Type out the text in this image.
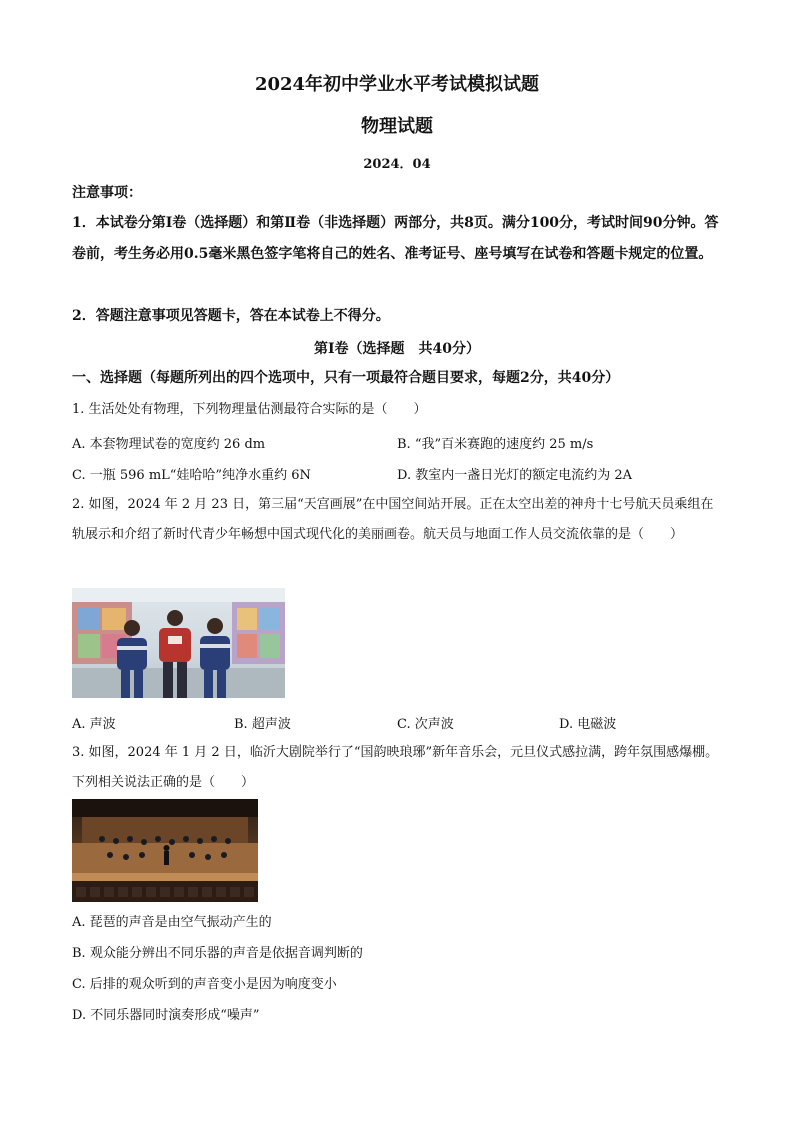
2024年初中学业水平考试模拟试题
物理试题
2024．04
注意事项：
1．本试卷分第Ⅰ卷（选择题）和第Ⅱ卷（非选择题）两部分，共8页。满分100分，考试时间90分钟。答卷前，考生务必用0.5毫米黑色签字笔将自己的姓名、准考证号、座号填写在试卷和答题卡规定的位置。
2．答题注意事项见答题卡，答在本试卷上不得分。
第Ⅰ卷（选择题　共40分）
一、选择题（每题所列出的四个选项中，只有一项最符合题目要求，每题2分，共40分）
1. 生活处处有物理，下列物理量估测最符合实际的是（　　）
A. 本套物理试卷的宽度约 26 dm	B. “我”百米赛跑的速度约 25 m/s
C. 一瓶 596 mL“娃哈哈”纯净水重约 6N	D. 教室内一盏日光灯的额定电流约为 2A
2. 如图，2024 年 2 月 23 日，第三届“天宫画展”在中国空间站开展。正在太空出差的神舟十七号航天员乘组在轨展示和介绍了新时代青少年畅想中国式现代化的美丽画卷。航天员与地面工作人员交流依靠的是（　　）
A. 声波	B. 超声波	C. 次声波	D. 电磁波
3. 如图，2024 年 1 月 2 日，临沂大剧院举行了“国韵映琅琊”新年音乐会，元旦仪式感拉满，跨年氛围感爆棚。下列相关说法正确的是（　　）
A. 琵琶的声音是由空气振动产生的
B. 观众能分辨出不同乐器的声音是依据音调判断的
C. 后排的观众听到的声音变小是因为响度变小
D. 不同乐器同时演奏形成“噪声”
